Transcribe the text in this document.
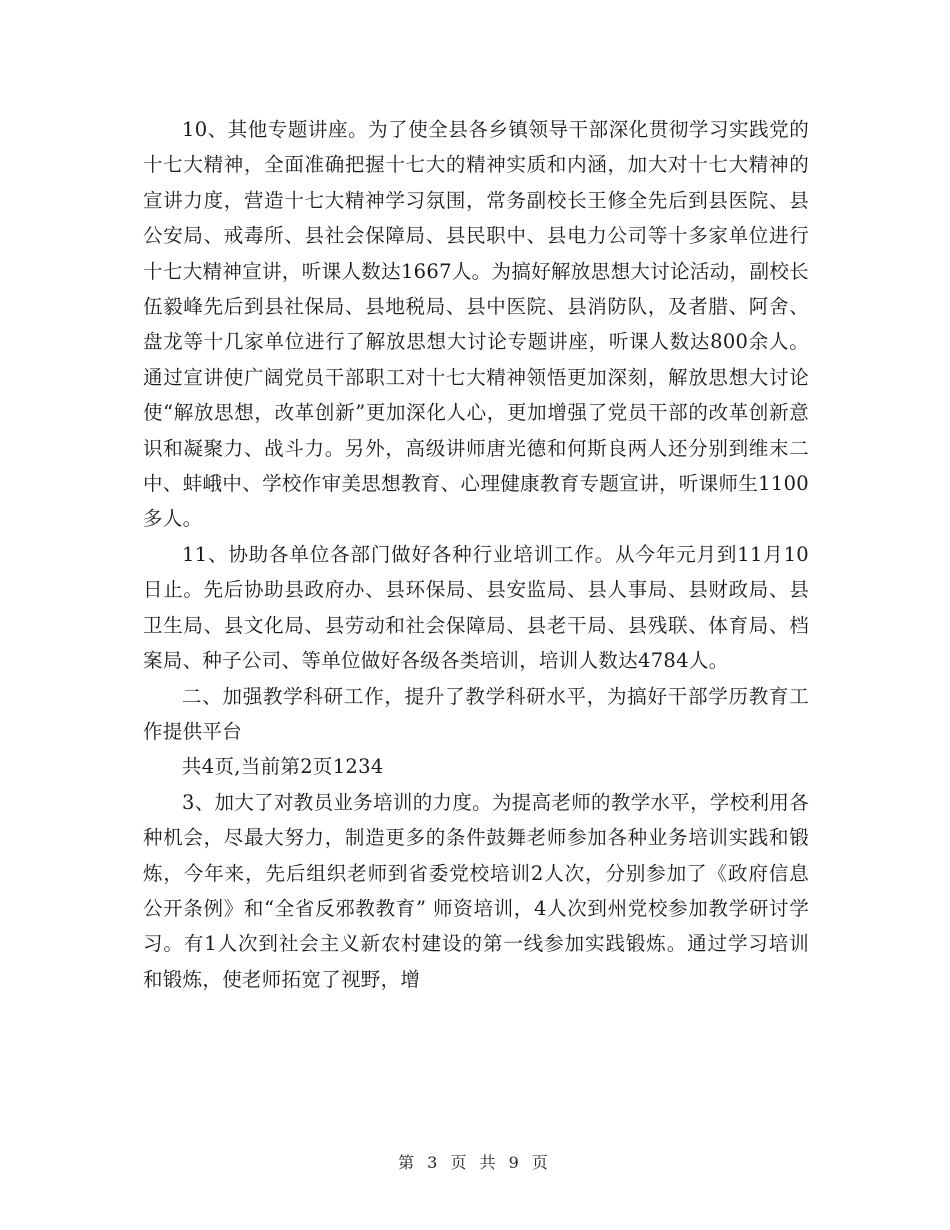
10、其他专题讲座。为了使全县各乡镇领导干部深化贯彻学习实践党的十七大精神，全面准确把握十七大的精神实质和内涵，加大对十七大精神的宣讲力度，营造十七大精神学习氛围，常务副校长王修全先后到县医院、县公安局、戒毒所、县社会保障局、县民职中、县电力公司等十多家单位进行十七大精神宣讲，听课人数达1667人。为搞好解放思想大讨论活动，副校长伍毅峰先后到县社保局、县地税局、县中医院、县消防队，及者腊、阿舍、盘龙等十几家单位进行了解放思想大讨论专题讲座，听课人数达800余人。通过宣讲使广阔党员干部职工对十七大精神领悟更加深刻，解放思想大讨论使“解放思想，改革创新”更加深化人心，更加增强了党员干部的改革创新意识和凝聚力、战斗力。另外，高级讲师唐光德和何斯良两人还分别到维末二中、蚌峨中、学校作审美思想教育、心理健康教育专题宣讲，听课师生1100多人。

11、协助各单位各部门做好各种行业培训工作。从今年元月到11月10日止。先后协助县政府办、县环保局、县安监局、县人事局、县财政局、县卫生局、县文化局、县劳动和社会保障局、县老干局、县残联、体育局、档案局、种子公司、等单位做好各级各类培训，培训人数达4784人。

二、加强教学科研工作，提升了教学科研水平，为搞好干部学历教育工作提供平台

共4页,当前第2页1234

3、加大了对教员业务培训的力度。为提高老师的教学水平，学校利用各种机会，尽最大努力，制造更多的条件鼓舞老师参加各种业务培训实践和锻炼，今年来，先后组织老师到省委党校培训2人次，分别参加了《政府信息公开条例》和“全省反邪教教育” 师资培训，4人次到州党校参加教学研讨学习。有1人次到社会主义新农村建设的第一线参加实践锻炼。通过学习培训和锻炼，使老师拓宽了视野，增

第 3 页 共 9 页
